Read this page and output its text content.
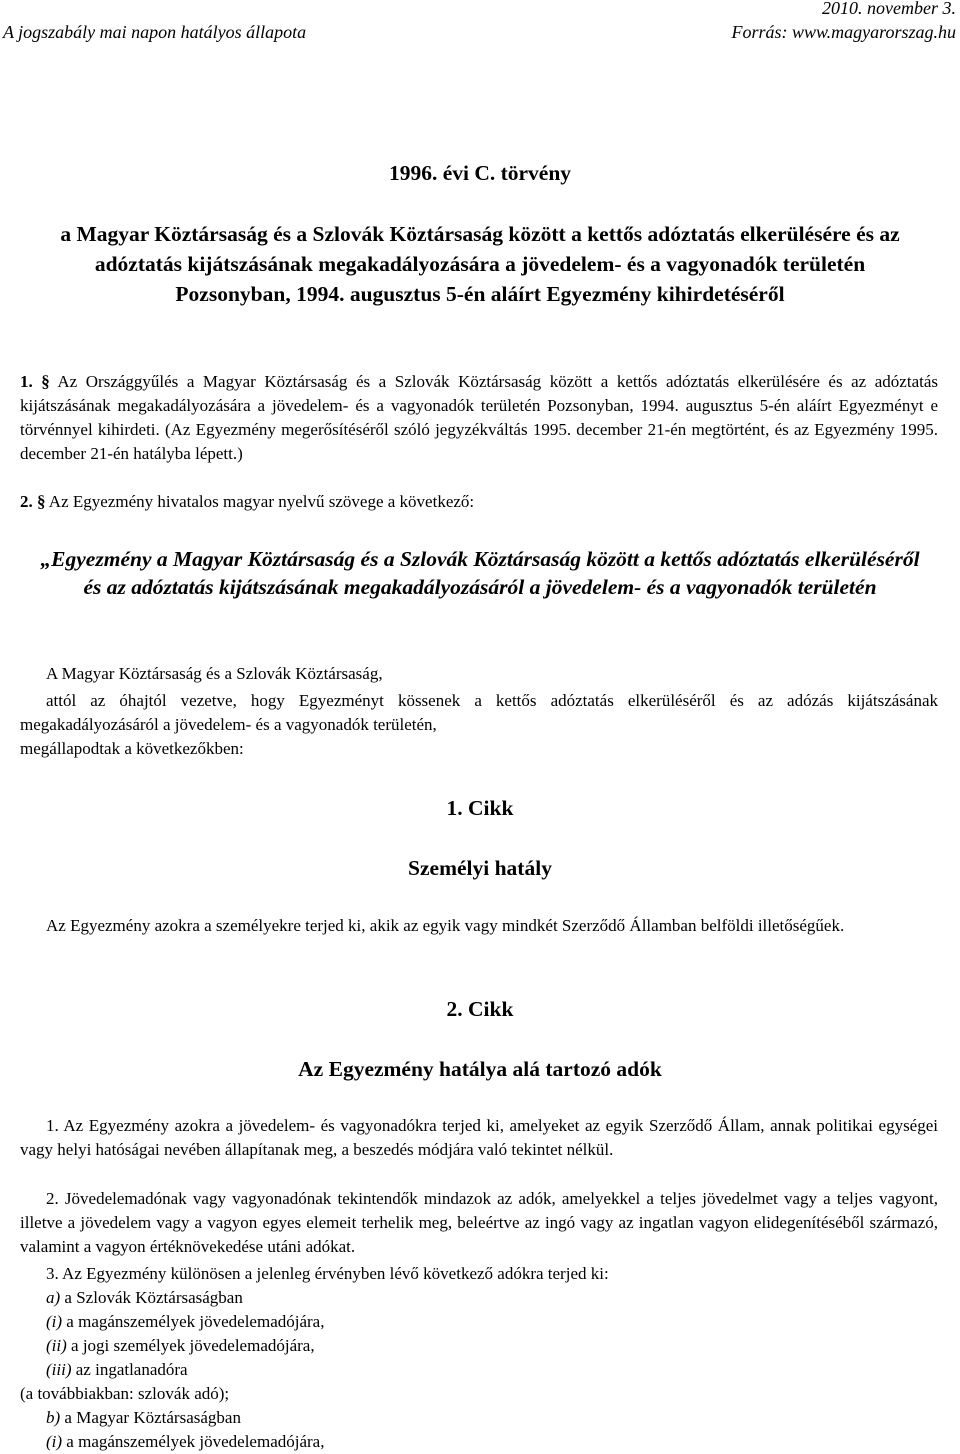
A jogszabály mai napon hatályos állapota
2010. november 3.
Forrás: www.magyarorszag.hu
1996. évi C. törvény
a Magyar Köztársaság és a Szlovák Köztársaság között a kettős adóztatás elkerülésére és az adóztatás kijátszásának megakadályozására a jövedelem- és a vagyonadók területén Pozsonyban, 1994. augusztus 5-én aláírt Egyezmény kihirdetéséről

1. § Az Országgyűlés a Magyar Köztársaság és a Szlovák Köztársaság között a kettős adóztatás elkerülésére és az adóztatás kijátszásának megakadályozására a jövedelem- és a vagyonadók területén Pozsonyban, 1994. augusztus 5-én aláírt Egyezményt e törvénnyel kihirdeti. (Az Egyezmény megerősítéséről szóló jegyzékváltás 1995. december 21-én megtörtént, és az Egyezmény 1995. december 21-én hatályba lépett.)

2. § Az Egyezmény hivatalos magyar nyelvű szövege a következő:

„Egyezmény a Magyar Köztársaság és a Szlovák Köztársaság között a kettős adóztatás elkerüléséről és az adóztatás kijátszásának megakadályozásáról a jövedelem- és a vagyonadók területén
A Magyar Köztársaság és a Szlovák Köztársaság,

attól az óhajtól vezetve, hogy Egyezményt kössenek a kettős adóztatás elkerüléséről és az adózás kijátszásának megakadályozásáról a jövedelem- és a vagyonadók területén,

megállapodtak a következőkben:
1. Cikk
Személyi hatály

Az Egyezmény azokra a személyekre terjed ki, akik az egyik vagy mindkét Szerződő Államban belföldi illetőségűek.

2. Cikk
Az Egyezmény hatálya alá tartozó adók

1. Az Egyezmény azokra a jövedelem- és vagyonadókra terjed ki, amelyeket az egyik Szerződő Állam, annak politikai egységei vagy helyi hatóságai nevében állapítanak meg, a beszedés módjára való tekintet nélkül.

2. Jövedelemadónak vagy vagyonadónak tekintendők mindazok az adók, amelyekkel a teljes jövedelmet vagy a teljes vagyont, illetve a jövedelem vagy a vagyon egyes elemeit terhelik meg, beleértve az ingó vagy az ingatlan vagyon elidegenítéséből származó, valamint a vagyon értéknövekedése utáni adókat.

3. Az Egyezmény különösen a jelenleg érvényben lévő következő adókra terjed ki:
a) a Szlovák Köztársaságban
(i) a magánszemélyek jövedelemadójára,
(ii) a jogi személyek jövedelemadójára,
(iii) az ingatlanadóra
(a továbbiakban: szlovák adó);
b) a Magyar Köztársaságban
(i) a magánszemélyek jövedelemadójára,
